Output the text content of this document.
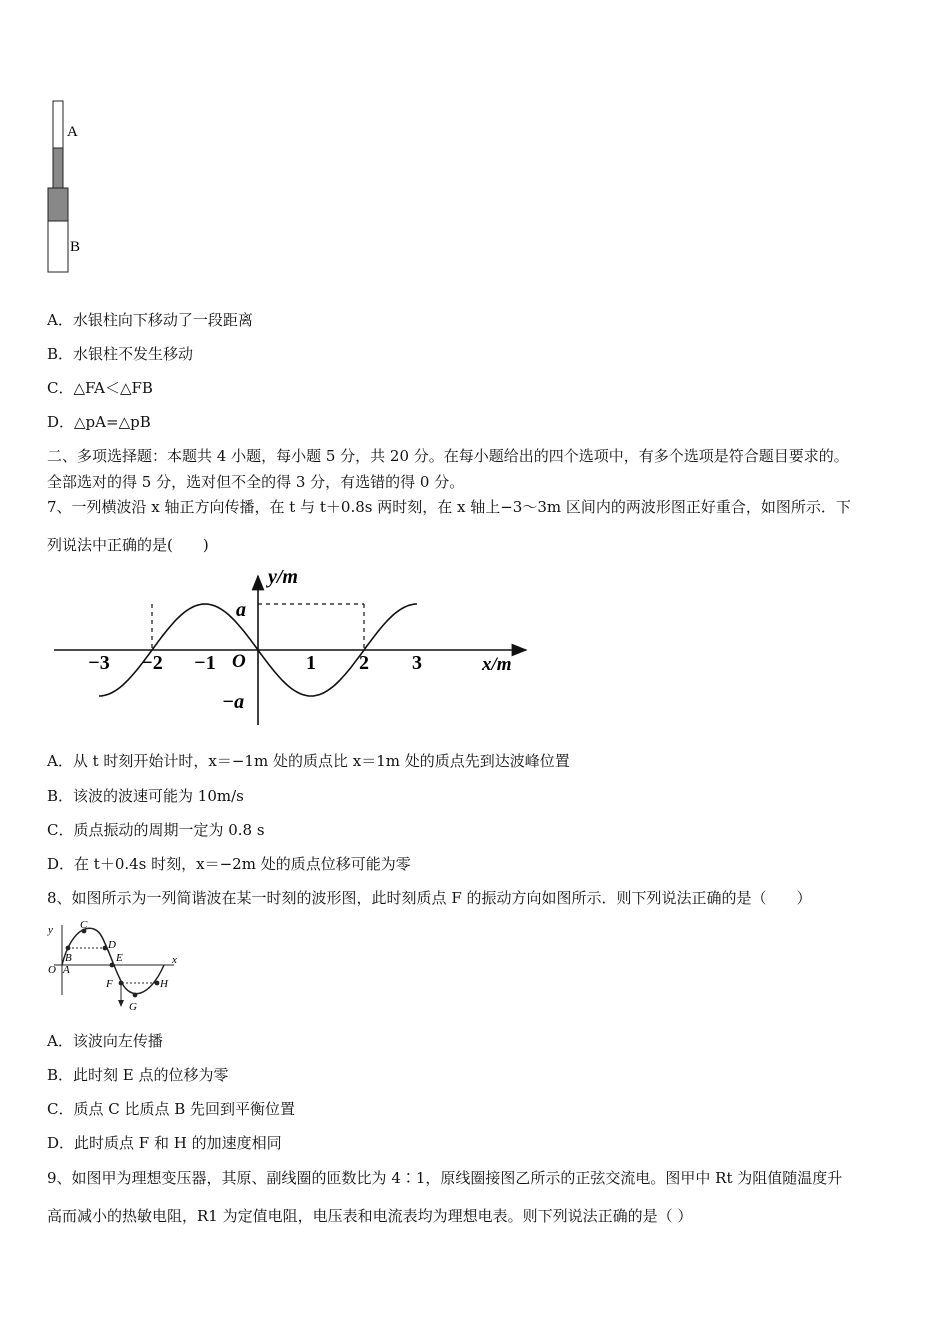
A
B
A．水银柱向下移动了一段距离
B．水银柱不发生移动
C．△FA＜△FB
D．△pA=△pB
二、多项选择题：本题共 4 小题，每小题 5 分，共 20 分。在每小题给出的四个选项中，有多个选项是符合题目要求的。
全部选对的得 5 分，选对但不全的得 3 分，有选错的得 0 分。
7、一列横波沿 x 轴正方向传播，在 t 与 t＋0.8s 两时刻，在 x 轴上−3～3m 区间内的两波形图正好重合，如图所示．下
列说法中正确的是(　　)
−3 −2 −1	1 2 3
y/m
x/m
a
O
−a
A．从 t 时刻开始计时，x＝−1m 处的质点比 x＝1m 处的质点先到达波峰位置
B．该波的波速可能为 10m/s
C．质点振动的周期一定为 0.8 s
D．在 t＋0.4s 时刻，x＝−2m 处的质点位移可能为零
8、如图所示为一列简谐波在某一时刻的波形图，此时刻质点 F 的振动方向如图所示．则下列说法正确的是（　　）
y
x
O A
B
C
D
E
F
G
H
A．该波向左传播
B．此时刻 E 点的位移为零
C．质点 C 比质点 B 先回到平衡位置
D．此时质点 F 和 H 的加速度相同
9、如图甲为理想变压器，其原、副线圈的匝数比为 4∶1，原线圈接图乙所示的正弦交流电。图甲中 Rt 为阻值随温度升
高而减小的热敏电阻，R1 为定值电阻，电压表和电流表均为理想电表。则下列说法正确的是（ ）
